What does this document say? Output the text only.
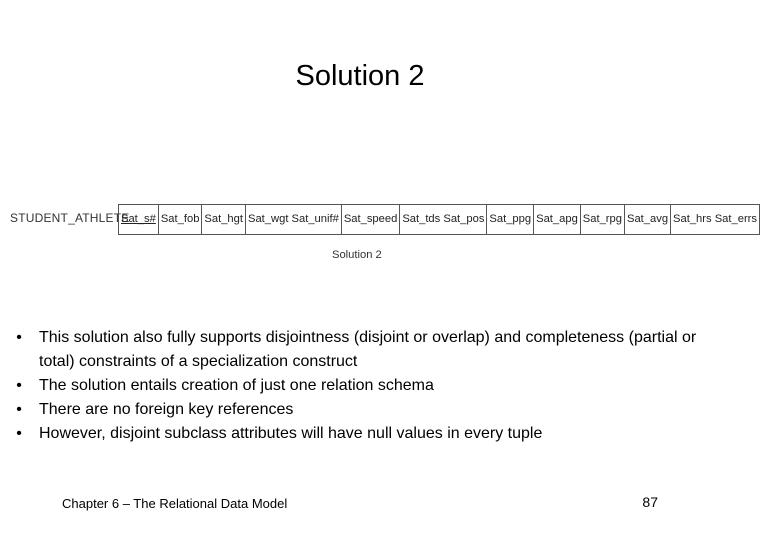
Solution 2
STUDENT_ATHLETE
Sat_s# Sat_fob Sat_hgt Sat_wgt Sat_unif# Sat_speed Sat_tds Sat_pos Sat_ppg Sat_apg Sat_rpg Sat_avg Sat_hrs Sat_errs
Solution 2
• This solution also fully supports disjointness (disjoint or overlap) and completeness (partial or total) constraints of a specialization construct
• The solution entails creation of just one relation schema
• There are no foreign key references
• However, disjoint subclass attributes will have null values in every tuple
Chapter 6 – The Relational Data Model	87
